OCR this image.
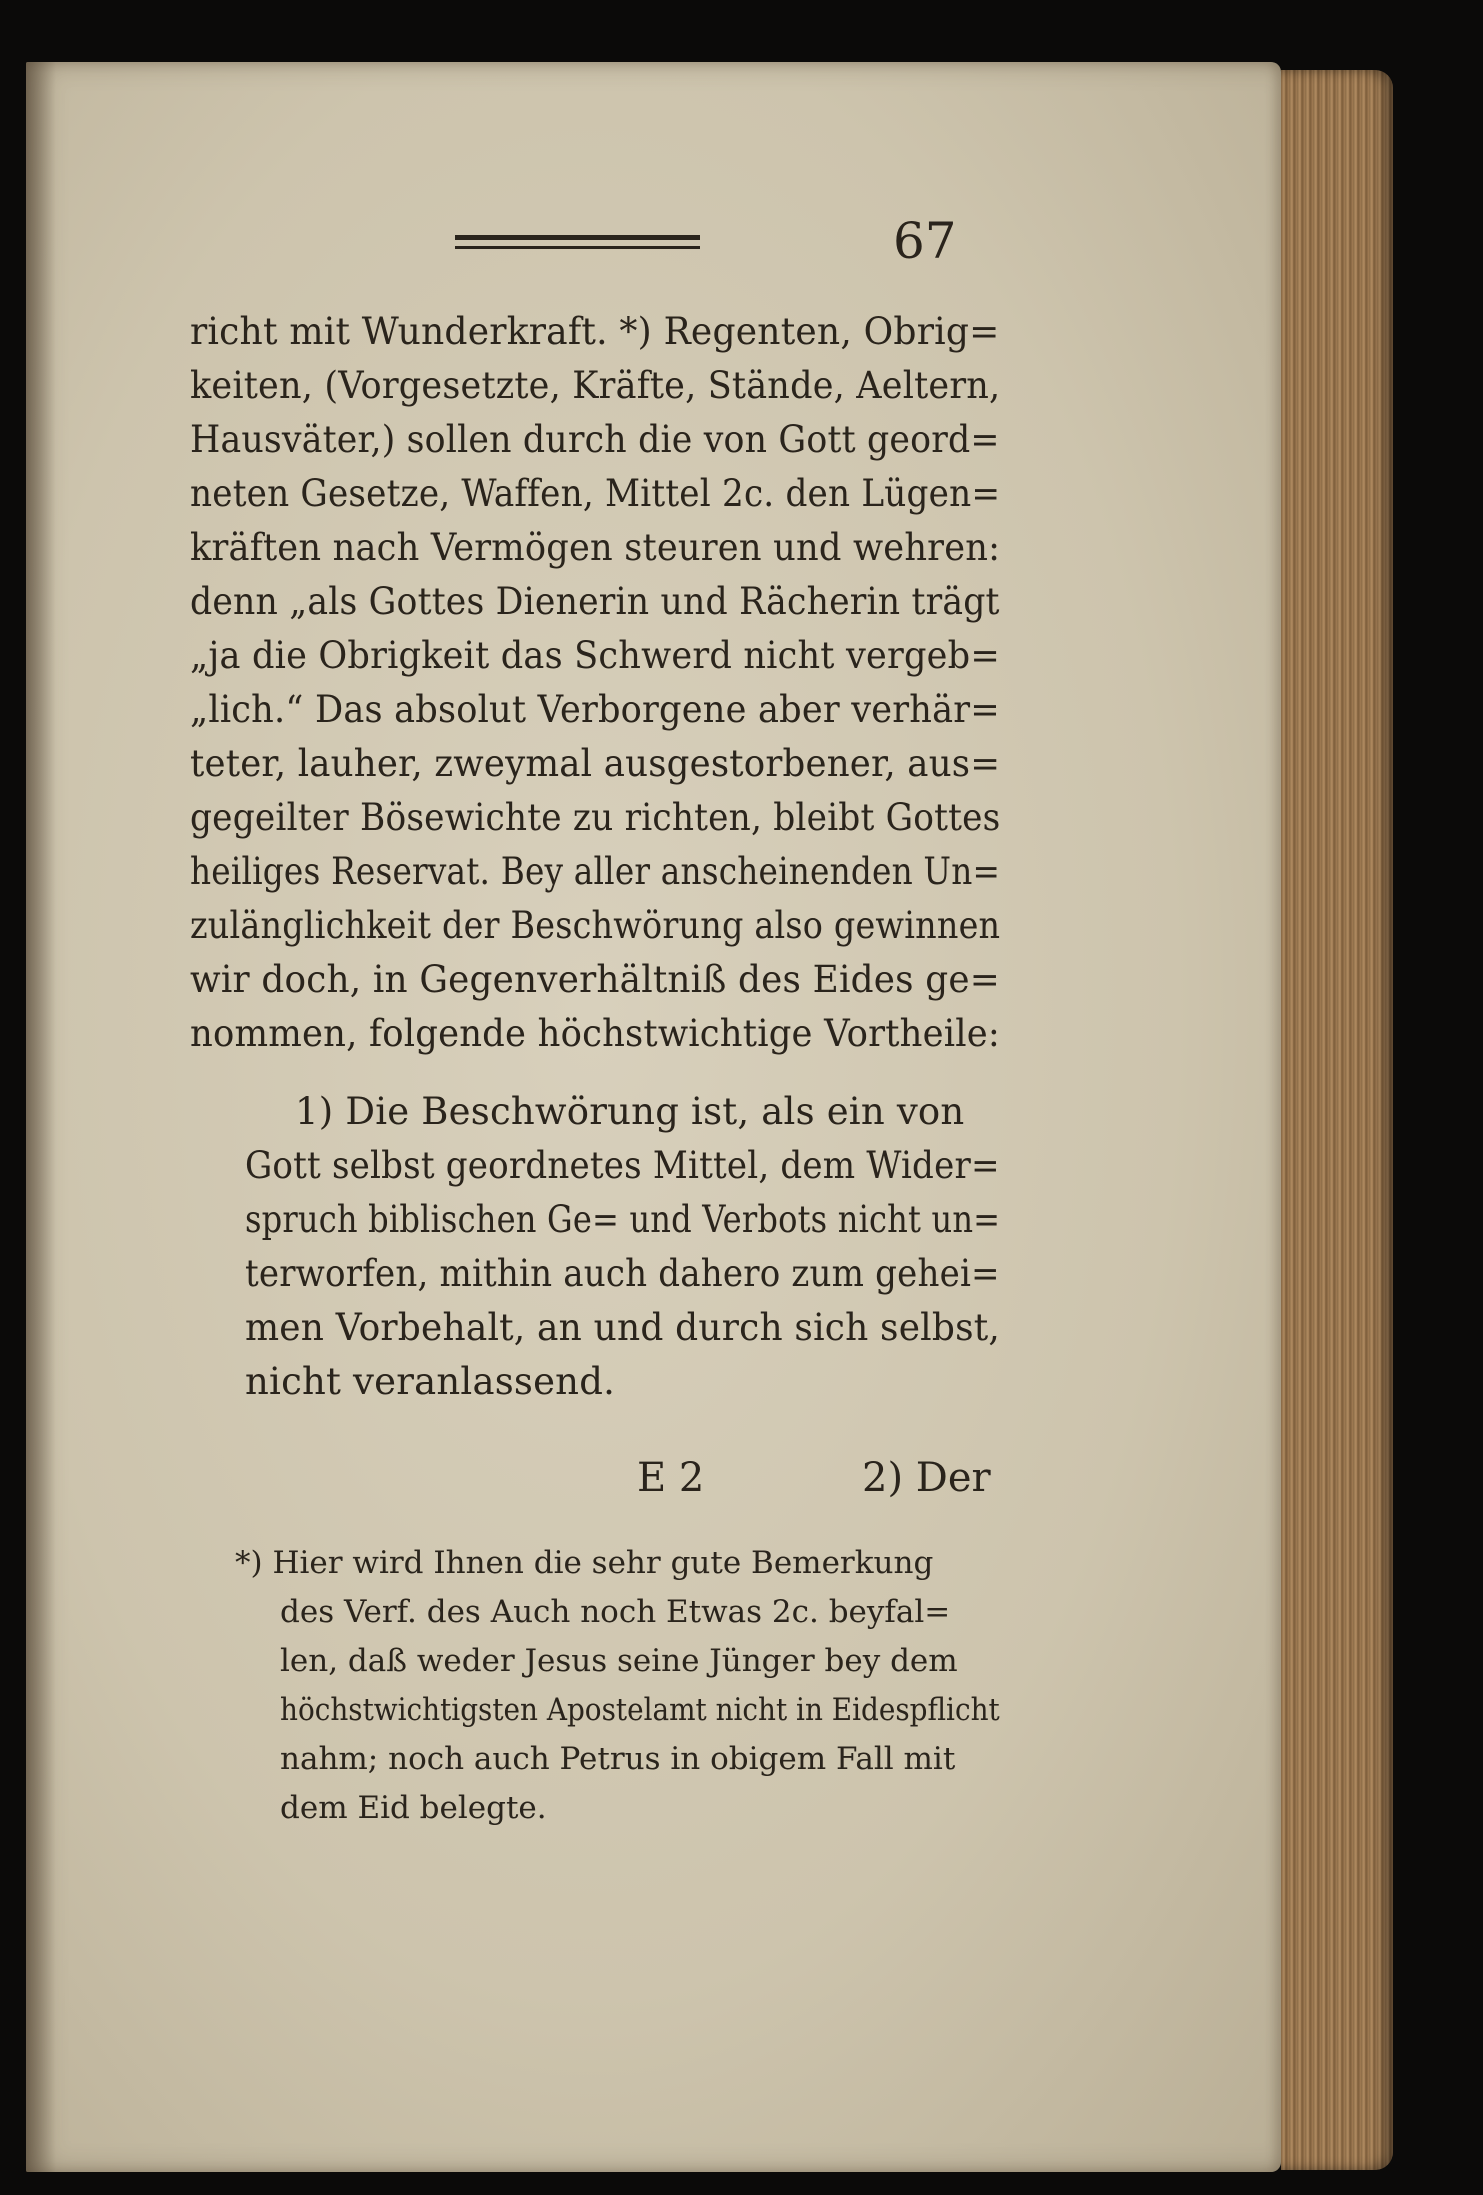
67
richt mit Wunderkraft. *) Regenten, Obrig=
keiten, (Vorgesetzte, Kräfte, Stände, Aeltern,
Hausväter,) sollen durch die von Gott geord=
neten Gesetze, Waffen, Mittel 2c. den Lügen=
kräften nach Vermögen steuren und wehren:
denn „als Gottes Dienerin und Rächerin trägt
„ja die Obrigkeit das Schwerd nicht vergeb=
„lich.“ Das absolut Verborgene aber verhär=
teter, lauher, zweymal ausgestorbener, aus=
gegeilter Bösewichte zu richten, bleibt Gottes
heiliges Reservat. Bey aller anscheinenden Un=
zulänglichkeit der Beschwörung also gewinnen
wir doch, in Gegenverhältniß des Eides ge=
nommen, folgende höchstwichtige Vortheile:
1) Die Beschwörung ist, als ein von
Gott selbst geordnetes Mittel, dem Wider=
spruch biblischen Ge= und Verbots nicht un=
terworfen, mithin auch dahero zum gehei=
men Vorbehalt, an und durch sich selbst,
nicht veranlassend.
E 2	2) Der
*) Hier wird Ihnen die sehr gute Bemerkung
des Verf. des Auch noch Etwas 2c. beyfal=
len, daß weder Jesus seine Jünger bey dem
höchstwichtigsten Apostelamt nicht in Eidespflicht
nahm; noch auch Petrus in obigem Fall mit
dem Eid belegte.
